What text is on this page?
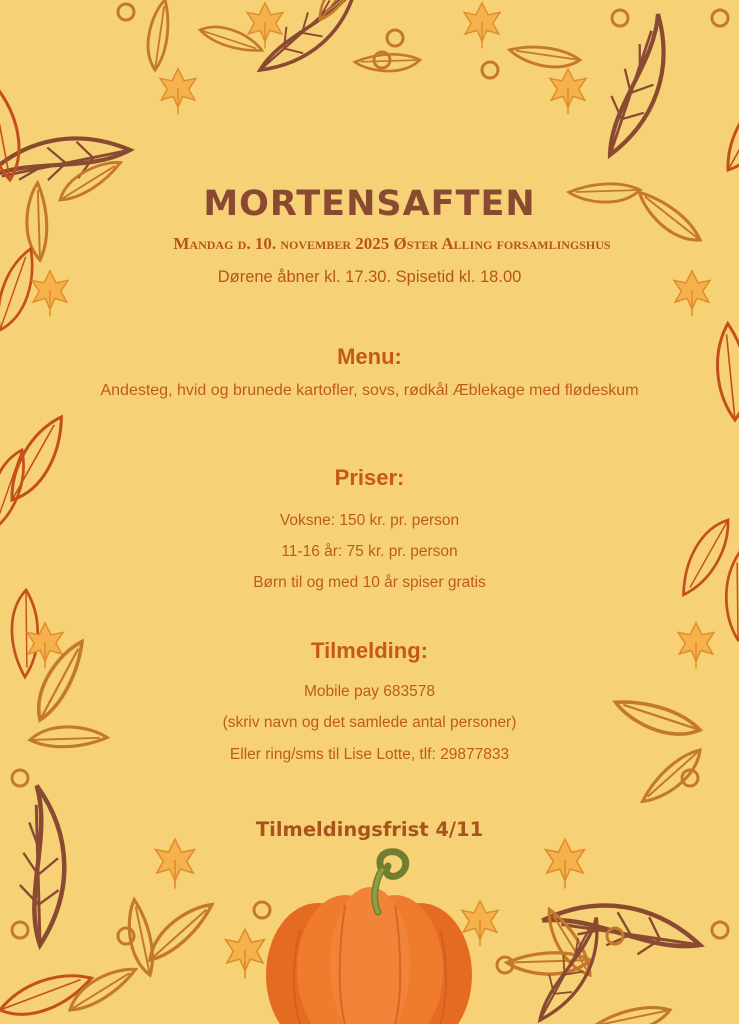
MORTENSAFTEN
Mandag d. 10. november 2025 Øster Alling forsamlingshus
Dørene åbner kl. 17.30. Spisetid kl. 18.00
Menu:
Andesteg, hvid og brunede kartofler, sovs, rødkål Æblekage med flødeskum
Priser:
Voksne: 150 kr. pr. person
11-16 år: 75 kr. pr. person
Børn til og med 10 år spiser gratis
Tilmelding:
Mobile pay 683578
(skriv navn og det samlede antal personer)
Eller ring/sms til Lise Lotte, tlf: 29877833
Tilmeldingsfrist 4/11
